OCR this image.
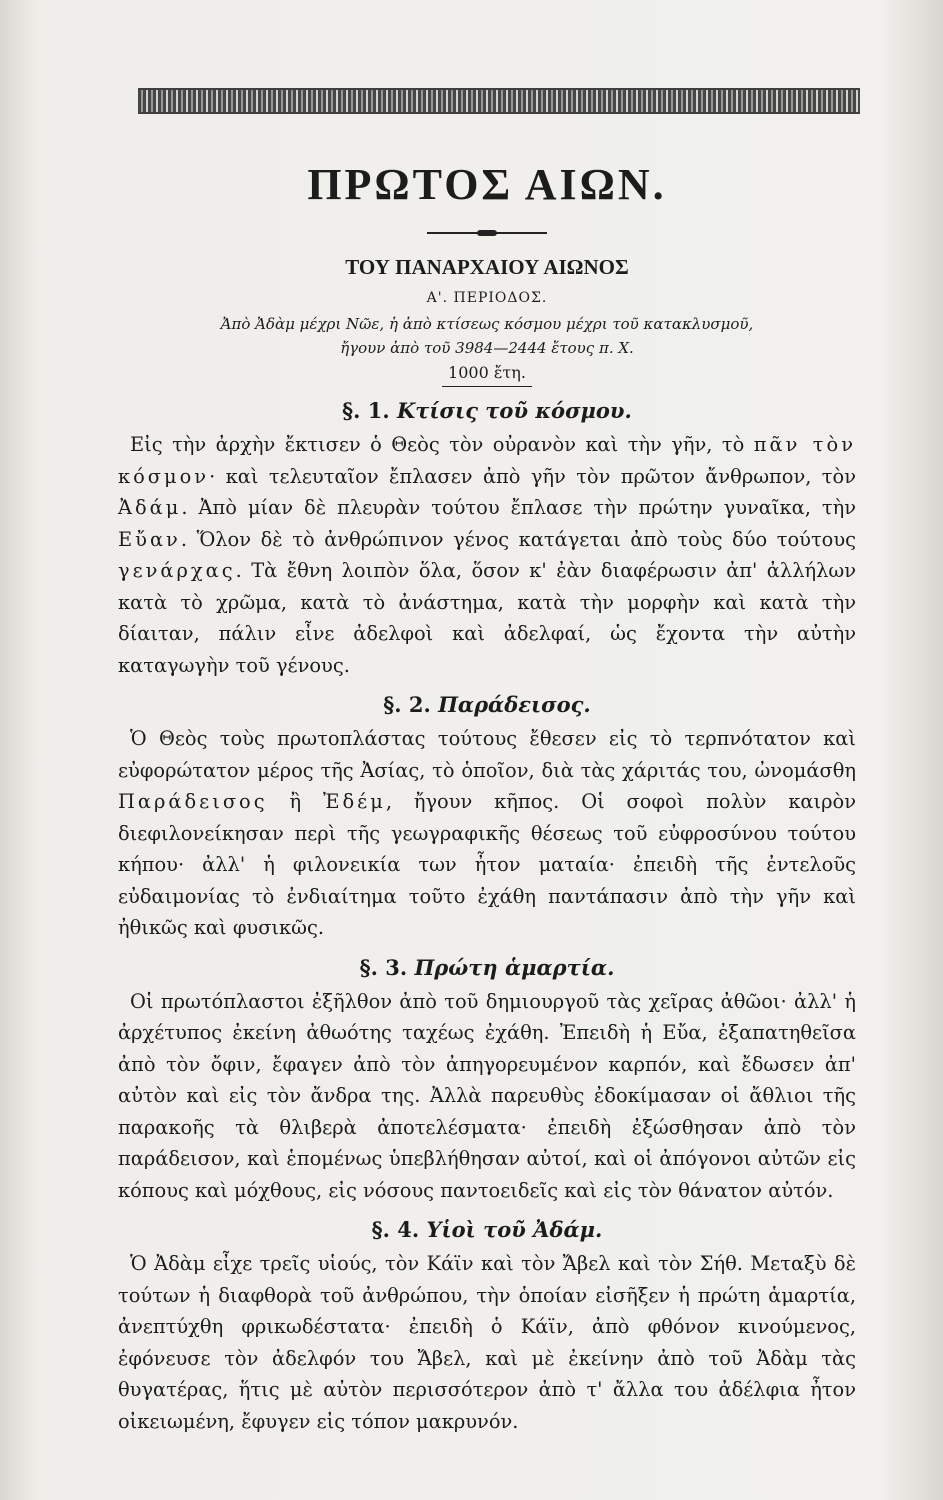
ΠΡΩΤΟΣ ΑΙΩΝ.
ΤΟΥ ΠΑΝΑΡΧΑΙΟΥ ΑΙΩΝΟΣ
Α'. ΠΕΡΙΟΔΟΣ.
Ἀπὸ Ἀδὰμ μέχρι Νῶε, ἡ ἀπὸ κτίσεως κόσμου μέχρι τοῦ κατακλυσμοῦ,
ἤγουν ἀπὸ τοῦ 3984—2444 ἔτους π. Χ.
1000 ἔτη.
§. 1. Κτίσις τοῦ κόσμου.

Εἰς τὴν ἀρχὴν ἔκτισεν ὁ Θεὸς τὸν οὐρανὸν καὶ τὴν γῆν, τὸ πᾶν τὸν κόσμον· καὶ τελευταῖον ἔπλασεν ἀπὸ γῆν τὸν πρῶτον ἄνθρωπον, τὸν Ἀδάμ. Ἀπὸ μίαν δὲ πλευρὰν τούτου ἔπλασε τὴν πρώτην γυναῖκα, τὴν Εὔαν. Ὅλον δὲ τὸ ἀνθρώπινον γένος κατάγεται ἀπὸ τοὺς δύο τούτους γενάρχας. Τὰ ἔθνη λοιπὸν ὅλα, ὅσον κ' ἐὰν διαφέρωσιν ἀπ' ἀλλήλων κατὰ τὸ χρῶμα, κατὰ τὸ ἀνάστημα, κατὰ τὴν μορφὴν καὶ κατὰ τὴν δίαιταν, πάλιν εἶνε ἀδελφοὶ καὶ ἀδελφαί, ὡς ἔχοντα τὴν αὐτὴν καταγωγὴν τοῦ γένους.

§. 2. Παράδεισος.

Ὁ Θεὸς τοὺς πρωτοπλάστας τούτους ἔθεσεν εἰς τὸ τερπνότατον καὶ εὐφορώτατον μέρος τῆς Ἀσίας, τὸ ὁποῖον, διὰ τὰς χάριτάς του, ὠνομάσθη Παράδεισος ἢ Ἐδέμ, ἤγουν κῆπος. Οἱ σοφοὶ πολὺν καιρὸν διεφιλονείκησαν περὶ τῆς γεωγραφικῆς θέσεως τοῦ εὐφροσύνου τούτου κήπου· ἀλλ' ἡ φιλονεικία των ἦτον ματαία· ἐπειδὴ τῆς ἐντελοῦς εὐδαιμονίας τὸ ἐνδιαίτημα τοῦτο ἐχάθη παντάπασιν ἀπὸ τὴν γῆν καὶ ἠθικῶς καὶ φυσικῶς.

§. 3. Πρώτη ἁμαρτία.

Οἱ πρωτόπλαστοι ἐξῆλθον ἀπὸ τοῦ δημιουργοῦ τὰς χεῖρας ἀθῶοι· ἀλλ' ἡ ἀρχέτυπος ἐκείνη ἀθωότης ταχέως ἐχάθη. Ἐπειδὴ ἡ Εὔα, ἐξαπατηθεῖσα ἀπὸ τὸν ὄφιν, ἔφαγεν ἀπὸ τὸν ἀπηγορευμένον καρπόν, καὶ ἔδωσεν ἀπ' αὐτὸν καὶ εἰς τὸν ἄνδρα της. Ἀλλὰ παρευθὺς ἐδοκίμασαν οἱ ἄθλιοι τῆς παρακοῆς τὰ θλιβερὰ ἀποτελέσματα· ἐπειδὴ ἐξώσθησαν ἀπὸ τὸν παράδεισον, καὶ ἑπομένως ὑπεβλήθησαν αὐτοί, καὶ οἱ ἀπόγονοι αὐτῶν εἰς κόπους καὶ μόχθους, εἰς νόσους παντοειδεῖς καὶ εἰς τὸν θάνατον αὐτόν.

§. 4. Υἱοὶ τοῦ Ἀδάμ.

Ὁ Ἀδὰμ εἶχε τρεῖς υἱούς, τὸν Κάϊν καὶ τὸν Ἄβελ καὶ τὸν Σήθ. Μεταξὺ δὲ τούτων ἡ διαφθορὰ τοῦ ἀνθρώπου, τὴν ὁποίαν εἰσῆξεν ἡ πρώτη ἁμαρτία, ἀνεπτύχθη φρικωδέστατα· ἐπειδὴ ὁ Κάϊν, ἀπὸ φθόνον κινούμενος, ἐφόνευσε τὸν ἀδελφόν του Ἄβελ, καὶ μὲ ἐκείνην ἀπὸ τοῦ Ἀδὰμ τὰς θυγατέρας, ἥτις μὲ αὐτὸν περισσότερον ἀπὸ τ' ἄλλα του ἀδέλφια ἦτον οἰκειωμένη, ἔφυγεν εἰς τόπον μακρυνόν.
